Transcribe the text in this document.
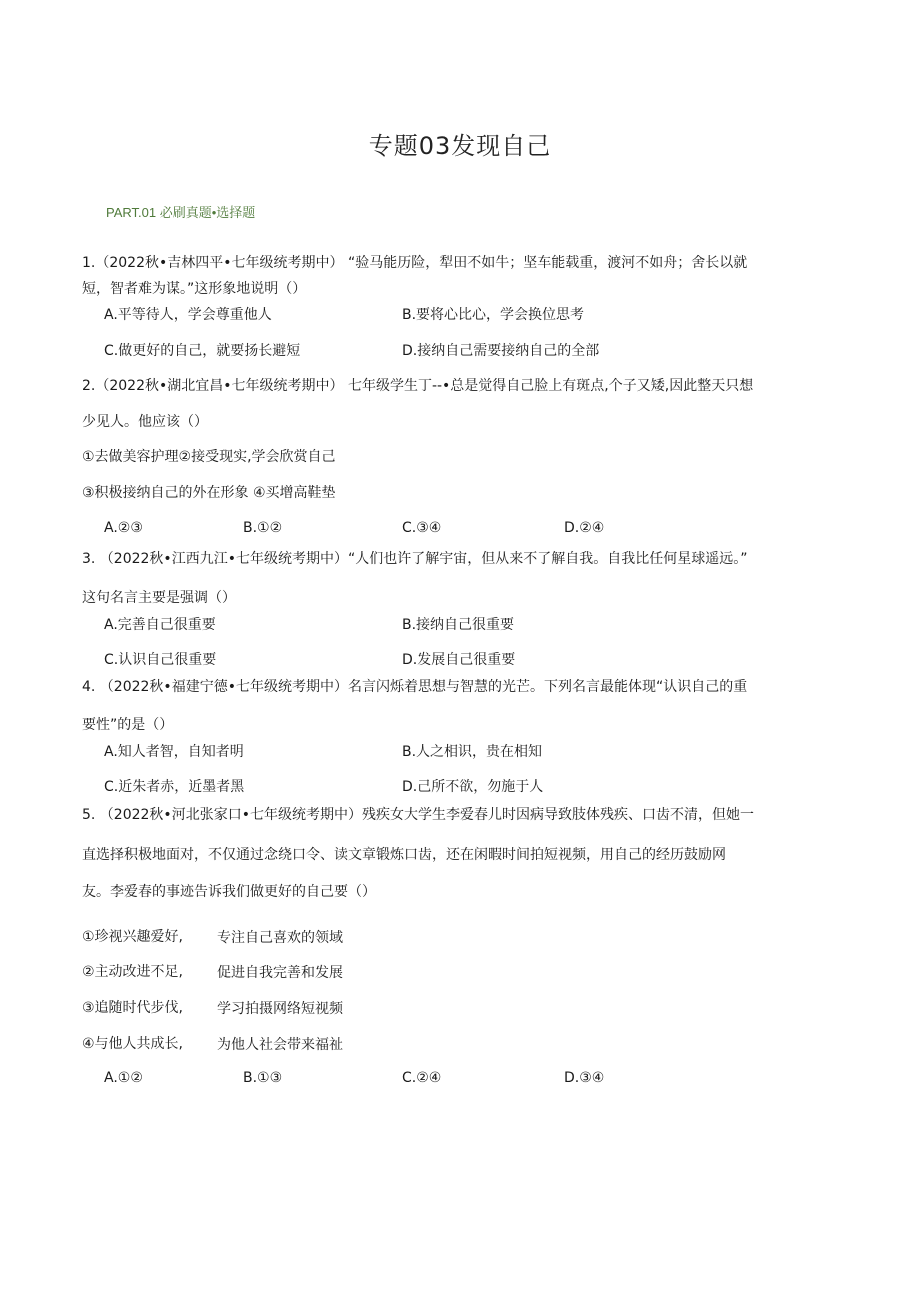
专题03发现自己
PART.01 必刷真题•选择题
1.（2022秋•吉林四平•七年级统考期中） “验马能历险，犁田不如牛；坚车能载重，渡河不如舟；舍长以就
短，智者难为谋。”这形象地说明（）
A.平等待人，学会尊重他人	B.要将心比心，学会换位思考
C.做更好的自己，就要扬长避短	D.接纳自己需要接纳自己的全部
2.（2022秋•湖北宜昌•七年级统考期中） 七年级学生丁--•总是觉得自己脸上有斑点,个子又矮,因此整天只想
少见人。他应该（）
①去做美容护理②接受现实,学会欣赏自己
③积极接纳自己的外在形象 ④买增高鞋垫
A.②③	B.①②	C.③④	D.②④
3. （2022秋•江西九江•七年级统考期中）“人们也许了解宇宙，但从来不了解自我。自我比任何星球遥远。”
这句名言主要是强调（）
A.完善自己很重要	B.接纳自己很重要
C.认识自己很重要	D.发展自己很重要
4. （2022秋•福建宁德•七年级统考期中）名言闪烁着思想与智慧的光芒。下列名言最能体现“认识自己的重
要性”的是（）
A.知人者智，自知者明	B.人之相识，贵在相知
C.近朱者赤，近墨者黑	D.己所不欲，勿施于人
5. （2022秋•河北张家口•七年级统考期中）残疾女大学生李爱春儿时因病导致肢体残疾、口齿不清，但她一
直选择积极地面对，不仅通过念绕口令、读文章锻炼口齿，还在闲暇时间拍短视频，用自己的经历鼓励网
友。李爱春的事迹告诉我们做更好的自己要（）
①珍视兴趣爱好, 专注自己喜欢的领域
②主动改进不足, 促进自我完善和发展
③追随时代步伐, 学习拍摄网络短视频
④与他人共成长, 为他人社会带来福祉
A.①②	B.①③	C.②④	D.③④
